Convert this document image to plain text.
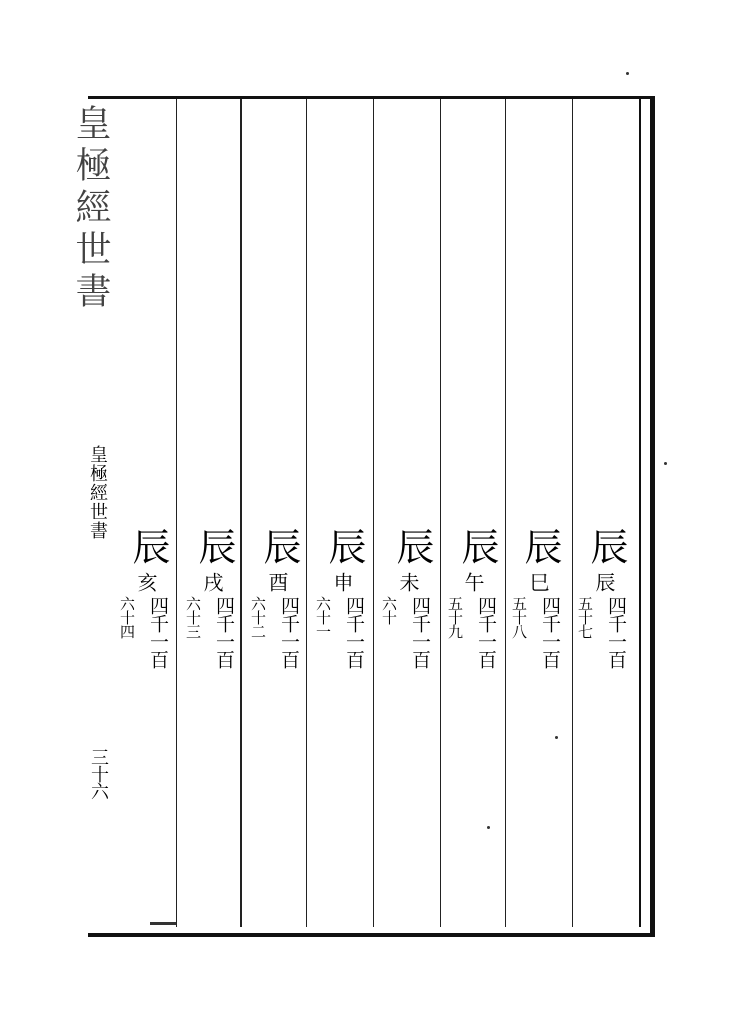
皇極經世書
皇極經世書
三十六
辰
辰
四千一百
五十七
辰
巳
四千一百
五十八
辰
午
四千一百
五十九
辰
未
四千一百
六十
辰
申
四千一百
六十一
辰
酉
四千一百
六十二
辰
戌
四千一百
六十三
辰
亥
四千一百
六十四
